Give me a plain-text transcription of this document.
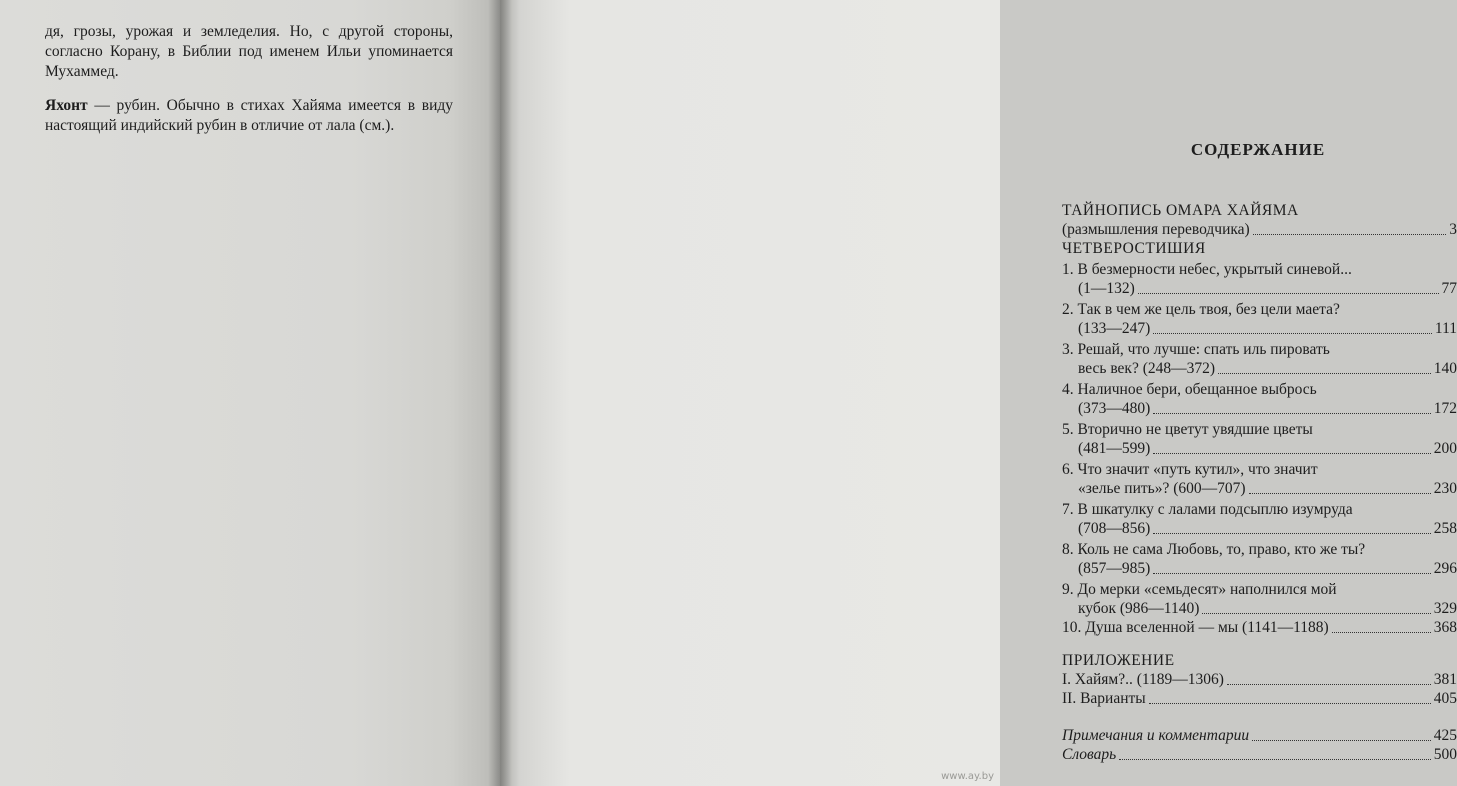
дя, грозы, урожая и земледелия. Но, с другой стороны, согласно Корану, в Библии под именем Ильи упоминается Мухаммед.

Яхонт — рубин. Обычно в стихах Хайяма имеется в виду настоящий индийский рубин в отличие от лала (см.).

СОДЕРЖАНИЕ
ТАЙНОПИСЬ ОМАРА ХАЙЯМА
(размышления переводчика)	3
ЧЕТВЕРОСТИШИЯ
1. В безмерности небес, укрытый синевой...
(1—132)	77
2. Так в чем же цель твоя, без цели маета?
(133—247)	111
3. Решай, что лучше: спать иль пировать
весь век? (248—372)	140
4. Наличное бери, обещанное выбрось
(373—480)	172
5. Вторично не цветут увядшие цветы
(481—599)	200
6. Что значит «путь кутил», что значит
«зелье пить»? (600—707)	230
7. В шкатулку с лалами подсыплю изумруда
(708—856)	258
8. Коль не сама Любовь, то, право, кто же ты?
(857—985)	296
9. До мерки «семьдесят» наполнился мой
кубок (986—1140)	329
10. Душа вселенной — мы (1141—1188)	368
ПРИЛОЖЕНИЕ
I. Хайям?.. (1189—1306)	381
II. Варианты	405
Примечания и комментарии	425
Словарь	500
www.ay.by
